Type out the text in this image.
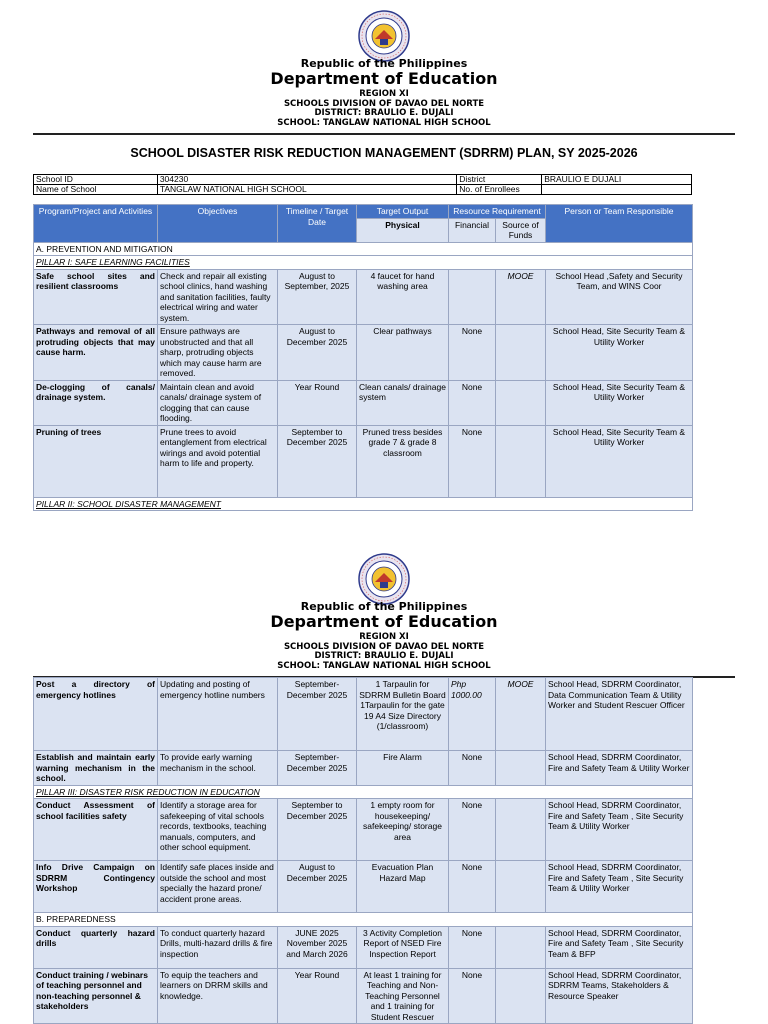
Republic of the Philippines
Department of Education
REGION XI
SCHOOLS DIVISION OF DAVAO DEL NORTE
DISTRICT: BRAULIO E. DUJALI
SCHOOL: TANGLAW NATIONAL HIGH SCHOOL
SCHOOL DISASTER RISK REDUCTION MANAGEMENT (SDRRM) PLAN, SY 2025-2026
School ID	304230	District	BRAULIO E DUJALI
Name of School	TANGLAW NATIONAL HIGH SCHOOL	No. of Enrollees	
Program/Project and Activities	Objectives	Timeline / Target Date	Target Output	Resource Requirement		Person or Team Responsible
			Physical	Financial	Source of Funds	
A. PREVENTION AND MITIGATION						
PILLAR I: SAFE LEARNING FACILITIES						
Safe school sites and resilient classrooms	Check and repair all existing school clinics, hand washing and sanitation facilities, faulty electrical wiring and water system.	August to September, 2025	4 faucet for hand washing area		MOOE	School Head ,Safety and Security Team, and WINS Coor
Pathways and removal of all protruding objects that may cause harm.	Ensure pathways are unobstructed and that all sharp, protruding objects which may cause harm are removed.	August to December 2025	Clear pathways	None		School Head, Site Security Team & Utility Worker
De-clogging of canals/ drainage system.	Maintain clean and avoid canals/ drainage system of clogging that can cause flooding.	Year Round	Clean canals/ drainage system	None		School Head, Site Security Team & Utility Worker
Pruning of trees	Prune trees to avoid entanglement from electrical wirings and avoid potential harm to life and property.	September to December 2025	Pruned tress besides grade 7 & grade 8 classroom	None		School Head, Site Security Team & Utility Worker
PILLAR II: SCHOOL DISASTER MANAGEMENT						
Republic of the Philippines
Department of Education
REGION XI
SCHOOLS DIVISION OF DAVAO DEL NORTE
DISTRICT: BRAULIO E. DUJALI
SCHOOL: TANGLAW NATIONAL HIGH SCHOOL
Post a directory of emergency hotlines	Updating and posting of emergency hotline numbers	September- December 2025	1 Tarpaulin for SDRRM Bulletin Board 1Tarpaulin for the gate 19 A4 Size Directory (1/classroom)	Php 1000.00	MOOE	School Head, SDRRM Coordinator, Data Communication Team & Utility Worker and Student Rescuer Officer
Establish and maintain early warning mechanism in the school.	To provide early warning mechanism in the school.	September- December 2025	Fire Alarm	None		School Head, SDRRM Coordinator, Fire and Safety Team & Utility Worker
PILLAR III: DISASTER RISK REDUCTION IN EDUCATION						
Conduct Assessment of school facilities safety	Identify a storage area for safekeeping of vital schools records, textbooks, teaching manuals, computers, and other school equipment.	September to December 2025	1 empty room for housekeeping/ safekeeping/ storage area	None		School Head, SDRRM Coordinator, Fire and Safety Team , Site Security Team & Utility Worker
Info Drive Campaign on SDRRM Contingency Workshop	Identify safe places inside and outside the school and most specially the hazard prone/ accident prone areas.	August to December 2025	Evacuation Plan Hazard Map	None		School Head, SDRRM Coordinator, Fire and Safety Team , Site Security Team & Utility Worker
B. PREPAREDNESS						
Conduct quarterly hazard drills	To conduct quarterly hazard Drills, multi-hazard drills & fire inspection	JUNE 2025 November 2025 and March 2026	3 Activity Completion Report of NSED Fire Inspection Report	None		School Head, SDRRM Coordinator, Fire and Safety Team , Site Security Team & BFP
Conduct training / webinars of teaching personnel and non-teaching personnel & stakeholders	To equip the teachers and learners on DRRM skills and knowledge.	Year Round	At least 1 training for Teaching and Non-Teaching Personnel and 1 training for Student Rescuer	None		School Head, SDRRM Coordinator, SDRRM Teams, Stakeholders & Resource Speaker
